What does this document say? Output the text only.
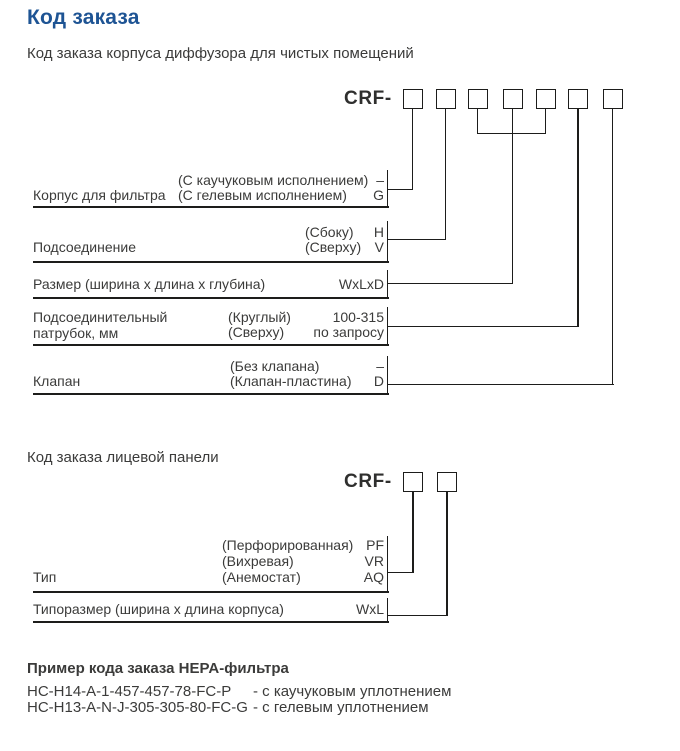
Код заказа
Код заказа корпуса диффузора для чистых помещений
CRF-
(С каучуковым исполнением) –
(С гелевым исполнением) G
Корпус для фильтра
(Сбоку) H
(Сверху) V
Подсоединение
WxLxD
Размер (ширина х длина х глубина)
(Круглый)	100-315
(Сверху) по запросу
Подсоединительный патрубок, мм
(Без клапана)	–
(Клапан-пластина) D
Клапан
Код заказа лицевой панели
CRF-
(Перфорированная) PF
(Вихревая)	VR
(Анемостат)	AQ
Тип
WxL
Типоразмер (ширина х длина корпуса)
Пример кода заказа HEPA-фильтра
HC-H14-A-1-457-457-78-FC-P - с каучуковым уплотнением
HC-H13-A-N-J-305-305-80-FC-G - с гелевым уплотнением
